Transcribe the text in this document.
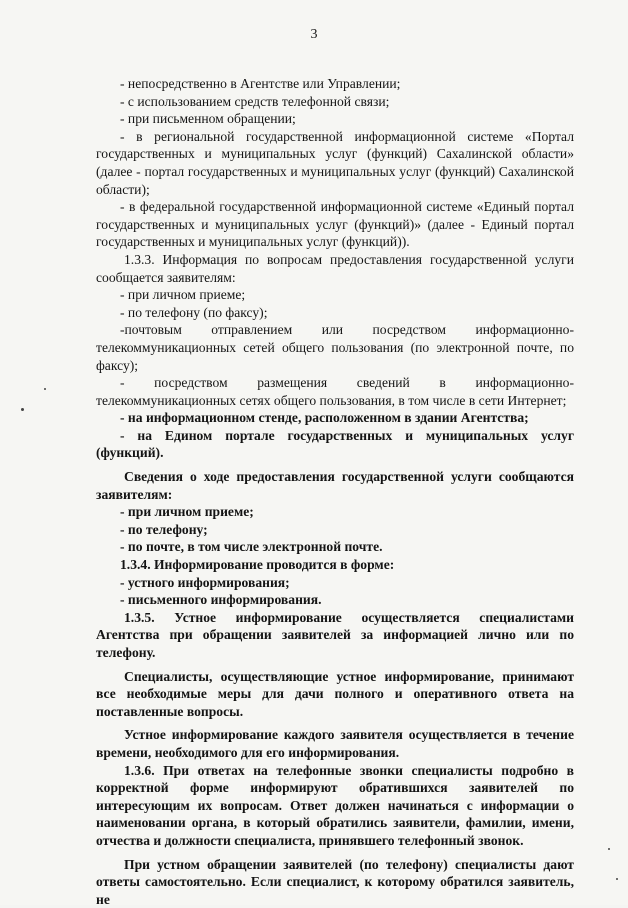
3

- непосредственно в Агентстве или Управлении;

- с использованием средств телефонной связи;

- при письменном обращении;

- в региональной государственной информационной системе «Портал государственных и муниципальных услуг (функций) Сахалинской области» (далее - портал государственных и муниципальных услуг (функций) Сахалинской области);

- в федеральной государственной информационной системе «Единый портал государственных и муниципальных услуг (функций)» (далее - Единый портал государственных и муниципальных услуг (функций)).

1.3.3. Информация по вопросам предоставления государственной услуги сообщается заявителям:

- при личном приеме;

- по телефону (по факсу);

-почтовым отправлением или посредством информационно-телекоммуникационных сетей общего пользования (по электронной почте, по факсу);

- посредством размещения сведений в информационно-телекоммуникационных сетях общего пользования, в том числе в сети Интернет;

- на информационном стенде, расположенном в здании Агентства;

- на Едином портале государственных и муниципальных услуг (функций).

Сведения о ходе предоставления государственной услуги сообщаются заявителям:

- при личном приеме;

- по телефону;

- по почте, в том числе электронной почте.

1.3.4. Информирование проводится в форме:

- устного информирования;

- письменного информирования.

1.3.5. Устное информирование осуществляется специалистами Агентства при обращении заявителей за информацией лично или по телефону.

Специалисты, осуществляющие устное информирование, принимают все необходимые меры для дачи полного и оперативного ответа на поставленные вопросы.

Устное информирование каждого заявителя осуществляется в течение времени, необходимого для его информирования.

1.3.6. При ответах на телефонные звонки специалисты подробно в корректной форме информируют обратившихся заявителей по интересующим их вопросам. Ответ должен начинаться с информации о наименовании органа, в который обратились заявители, фамилии, имени, отчества и должности специалиста, принявшего телефонный звонок.

При устном обращении заявителей (по телефону) специалисты дают ответы самостоятельно. Если специалист, к которому обратился заявитель, не
